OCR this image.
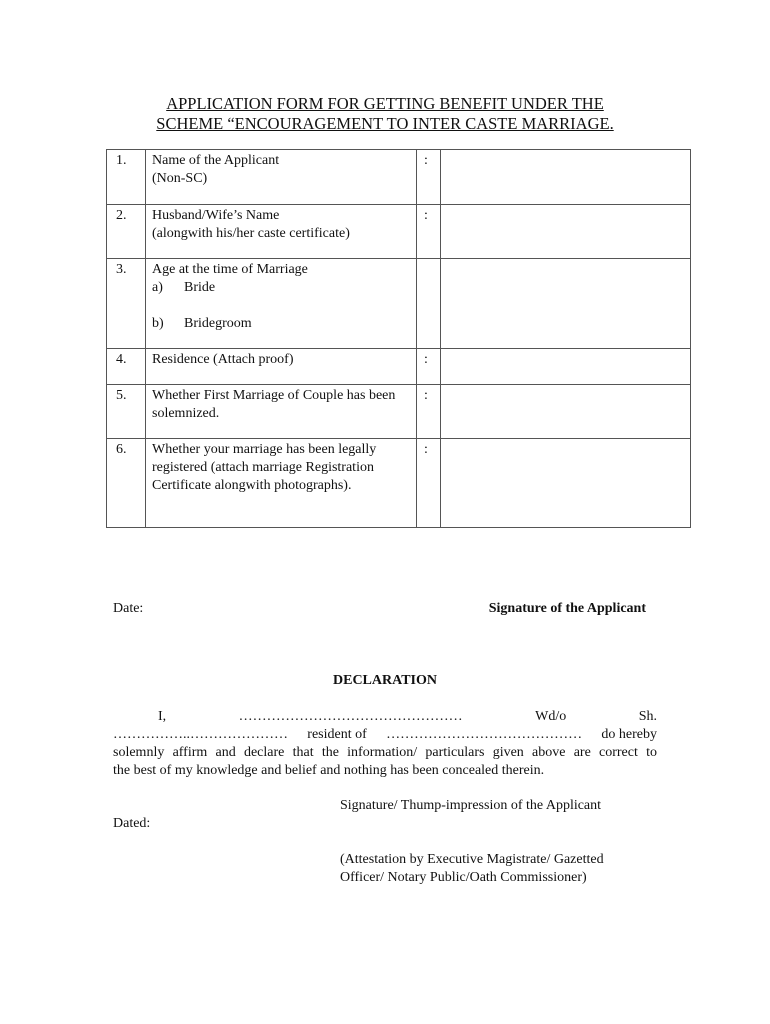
APPLICATION FORM FOR GETTING BENEFIT UNDER THE
SCHEME “ENCOURAGEMENT TO INTER CASTE MARRIAGE.
1.	Name of the Applicant
(Non-SC)	:	
2.	Husband/Wife’s Name
(alongwith his/her caste certificate)	:	
3.	Age at the time of Marriage
a) Bride
b) Bridegroom		

4.	Residence (Attach proof)	:	
5.	Whether First Marriage of Couple has been
solemnized.	:	
6.	Whether your marriage has been legally
registered (attach marriage Registration
Certificate alongwith photographs).	:	
Date:	Signature of the Applicant
DECLARATION
I,	…………………………………………	Wd/o	Sh.
……………..………………… resident of …………………………………… do hereby
solemnly affirm and declare that the information/ particulars given above are correct to
the best of my knowledge and belief and nothing has been concealed therein.
Signature/ Thump-impression of the Applicant
Dated:
(Attestation by Executive Magistrate/ Gazetted
Officer/ Notary Public/Oath Commissioner)
